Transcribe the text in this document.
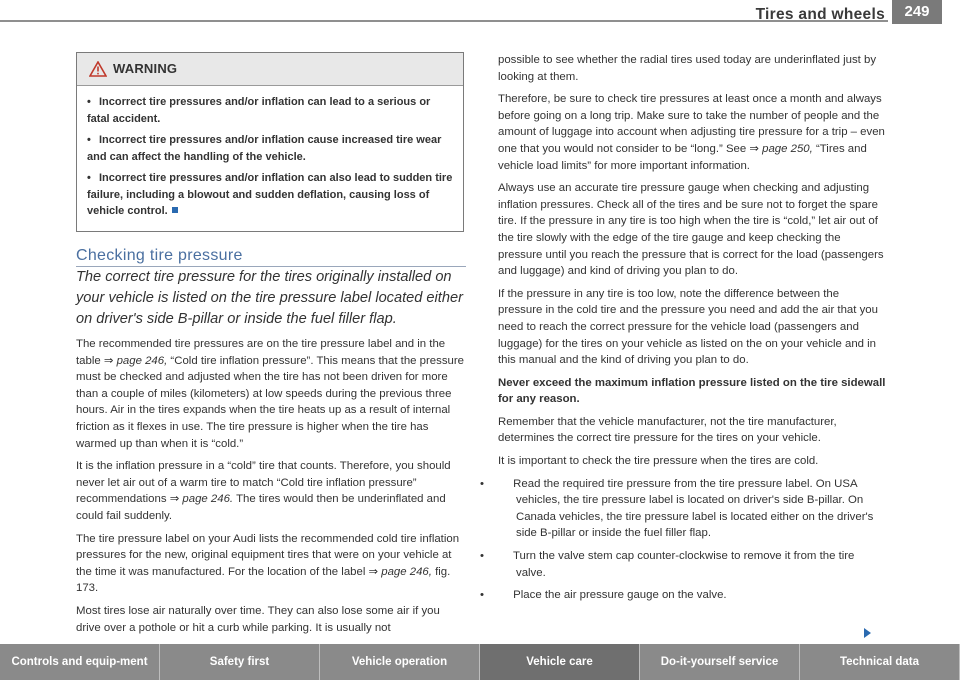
Tires and wheels	249
WARNING
• Incorrect tire pressures and/or inflation can lead to a serious or fatal accident.
• Incorrect tire pressures and/or inflation cause increased tire wear and can affect the handling of the vehicle.
• Incorrect tire pressures and/or inflation can also lead to sudden tire failure, including a blowout and sudden deflation, causing loss of vehicle control.
Checking tire pressure

The correct tire pressure for the tires originally installed on your vehicle is listed on the tire pressure label located either on driver's side B-pillar or inside the fuel filler flap.

The recommended tire pressures are on the tire pressure label and in the table ⇒ page 246, “Cold tire inflation pressure”. This means that the pressure must be checked and adjusted when the tire has not been driven for more than a couple of miles (kilometers) at low speeds during the previous three hours. Air in the tires expands when the tire heats up as a result of internal friction as it flexes in use. The tire pressure is higher when the tire has warmed up than when it is “cold.”

It is the inflation pressure in a “cold” tire that counts. Therefore, you should never let air out of a warm tire to match “Cold tire inflation pressure” recommendations ⇒ page 246. The tires would then be underinflated and could fail suddenly.

The tire pressure label on your Audi lists the recommended cold tire inflation pressures for the new, original equipment tires that were on your vehicle at the time it was manufactured. For the location of the label ⇒ page 246, fig. 173.

Most tires lose air naturally over time. They can also lose some air if you drive over a pothole or hit a curb while parking. It is usually not

possible to see whether the radial tires used today are underinflated just by looking at them.

Therefore, be sure to check tire pressures at least once a month and always before going on a long trip. Make sure to take the number of people and the amount of luggage into account when adjusting tire pressure for a trip – even one that you would not consider to be “long.” See ⇒ page 250, “Tires and vehicle load limits” for more important information.

Always use an accurate tire pressure gauge when checking and adjusting inflation pressures. Check all of the tires and be sure not to forget the spare tire. If the pressure in any tire is too high when the tire is “cold,” let air out of the tire slowly with the edge of the tire gauge and keep checking the pressure until you reach the pressure that is correct for the load (passengers and luggage) and kind of driving you plan to do.

If the pressure in any tire is too low, note the difference between the pressure in the cold tire and the pressure you need and add the air that you need to reach the correct pressure for the vehicle load (passengers and luggage) for the tires on your vehicle as listed on the on your vehicle and in this manual and the kind of driving you plan to do.

Never exceed the maximum inflation pressure listed on the tire sidewall for any reason.

Remember that the vehicle manufacturer, not the tire manufacturer, determines the correct tire pressure for the tires on your vehicle.

It is important to check the tire pressure when the tires are cold.

•	Read the required tire pressure from the tire pressure label. On USA vehicles, the tire pressure label is located on driver's side B-pillar. On Canada vehicles, the tire pressure label is located either on the driver's side B-pillar or inside the fuel filler flap.

•	Turn the valve stem cap counter-clockwise to remove it from the tire valve.

•	Place the air pressure gauge on the valve.

Controls and equip-ment	Safety first	Vehicle operation	Vehicle care	Do-it-yourself service	Technical data
